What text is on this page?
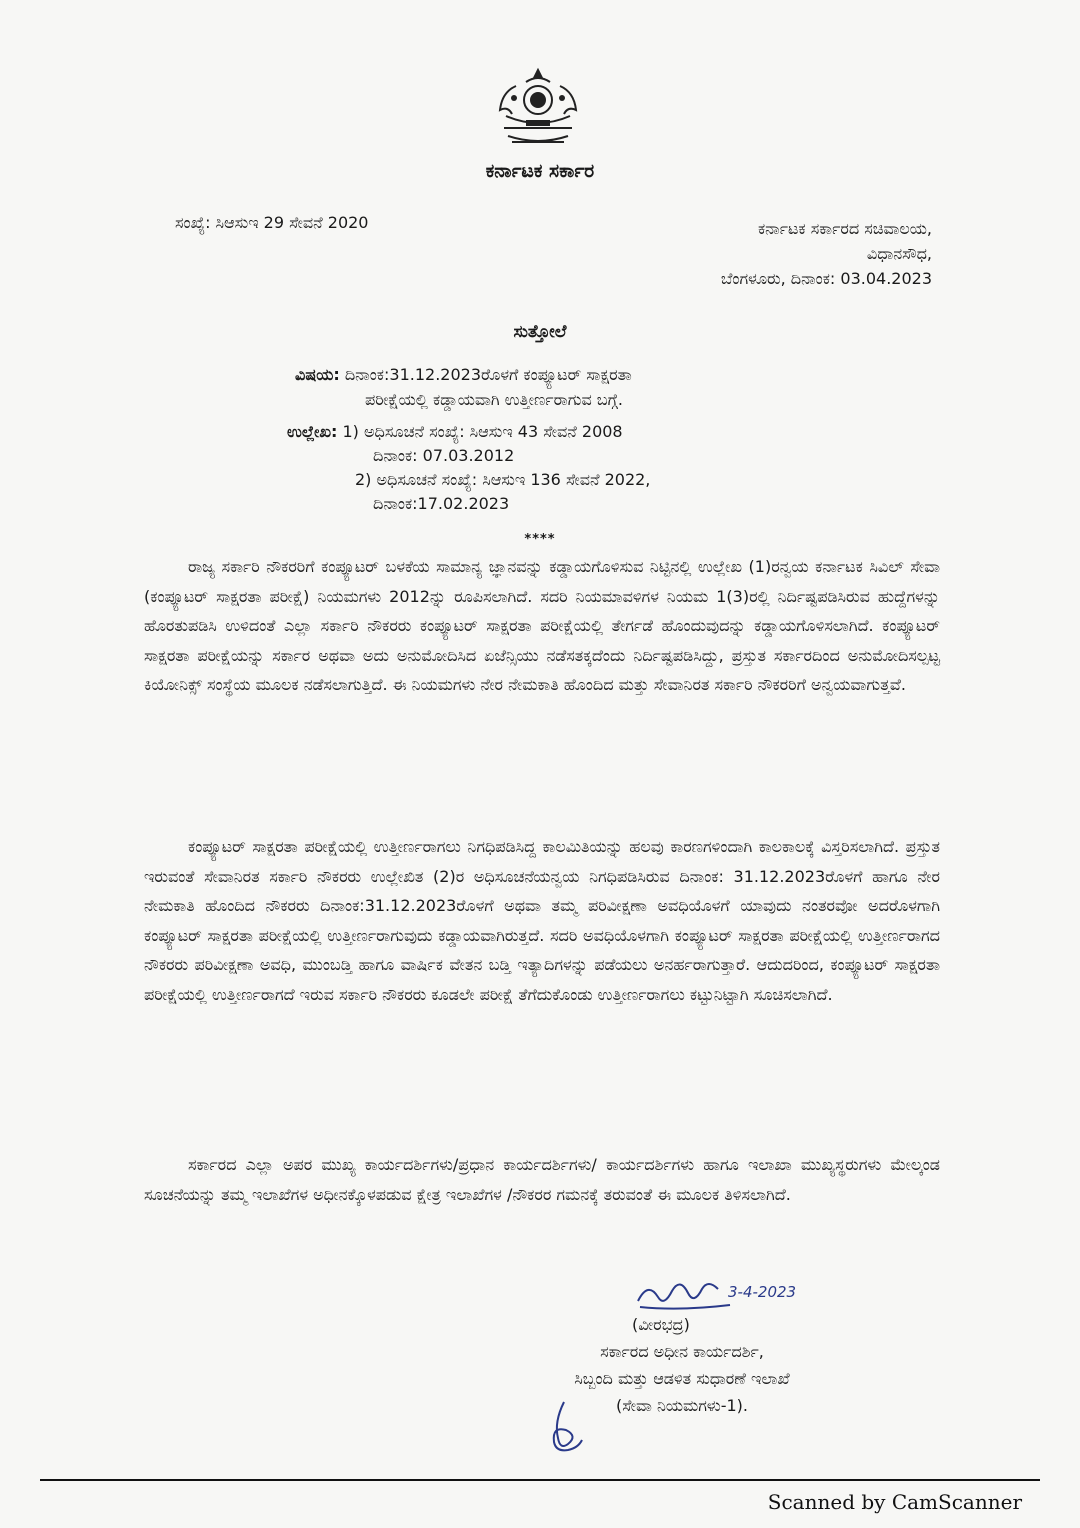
ಕರ್ನಾಟಕ ಸರ್ಕಾರ
ಸಂಖ್ಯೆ: ಸಿಆಸುಇ 29 ಸೇವನೆ 2020	ಕರ್ನಾಟಕ ಸರ್ಕಾರದ ಸಚಿವಾಲಯ,
ವಿಧಾನಸೌಧ,
ಬೆಂಗಳೂರು, ದಿನಾಂಕ: 03.04.2023
ಸುತ್ತೋಲೆ
ವಿಷಯ: ದಿನಾಂಕ:31.12.2023ರೊಳಗೆ ಕಂಪ್ಯೂಟರ್ ಸಾಕ್ಷರತಾ
ಪರೀಕ್ಷೆಯಲ್ಲಿ ಕಡ್ಡಾಯವಾಗಿ ಉತ್ತೀರ್ಣರಾಗುವ ಬಗ್ಗೆ.
ಉಲ್ಲೇಖ: 1) ಅಧಿಸೂಚನೆ ಸಂಖ್ಯೆ: ಸಿಆಸುಇ 43 ಸೇವನೆ 2008
ದಿನಾಂಕ: 07.03.2012
2) ಅಧಿಸೂಚನೆ ಸಂಖ್ಯೆ: ಸಿಆಸುಇ 136 ಸೇವನೆ 2022,
ದಿನಾಂಕ:17.02.2023
****
ರಾಜ್ಯ ಸರ್ಕಾರಿ ನೌಕರರಿಗೆ ಕಂಪ್ಯೂಟರ್ ಬಳಕೆಯ ಸಾಮಾನ್ಯ ಜ್ಞಾನವನ್ನು ಕಡ್ಡಾಯಗೊಳಿಸುವ ನಿಟ್ಟಿನಲ್ಲಿ ಉಲ್ಲೇಖ (1)ರನ್ವಯ ಕರ್ನಾಟಕ ಸಿವಿಲ್ ಸೇವಾ (ಕಂಪ್ಯೂಟರ್ ಸಾಕ್ಷರತಾ ಪರೀಕ್ಷೆ) ನಿಯಮಗಳು 2012ನ್ನು ರೂಪಿಸಲಾಗಿದೆ. ಸದರಿ ನಿಯಮಾವಳಿಗಳ ನಿಯಮ 1(3)ರಲ್ಲಿ ನಿರ್ದಿಷ್ಟಪಡಿಸಿರುವ ಹುದ್ದೆಗಳನ್ನು ಹೊರತುಪಡಿಸಿ ಉಳಿದಂತೆ ಎಲ್ಲಾ ಸರ್ಕಾರಿ ನೌಕರರು ಕಂಪ್ಯೂಟರ್ ಸಾಕ್ಷರತಾ ಪರೀಕ್ಷೆಯಲ್ಲಿ ತೇರ್ಗಡೆ ಹೊಂದುವುದನ್ನು ಕಡ್ಡಾಯಗೊಳಿಸಲಾಗಿದೆ. ಕಂಪ್ಯೂಟರ್ ಸಾಕ್ಷರತಾ ಪರೀಕ್ಷೆಯನ್ನು ಸರ್ಕಾರ ಅಥವಾ ಅದು ಅನುಮೋದಿಸಿದ ಏಜೆನ್ಸಿಯು ನಡೆಸತಕ್ಕದೆಂದು ನಿರ್ದಿಷ್ಟಪಡಿಸಿದ್ದು, ಪ್ರಸ್ತುತ ಸರ್ಕಾರದಿಂದ ಅನುಮೋದಿಸಲ್ಪಟ್ಟ ಕಿಯೋನಿಕ್ಸ್ ಸಂಸ್ಥೆಯ ಮೂಲಕ ನಡೆಸಲಾಗುತ್ತಿದೆ. ಈ ನಿಯಮಗಳು ನೇರ ನೇಮಕಾತಿ ಹೊಂದಿದ ಮತ್ತು ಸೇವಾನಿರತ ಸರ್ಕಾರಿ ನೌಕರರಿಗೆ ಅನ್ವಯವಾಗುತ್ತವೆ.
ಕಂಪ್ಯೂಟರ್ ಸಾಕ್ಷರತಾ ಪರೀಕ್ಷೆಯಲ್ಲಿ ಉತ್ತೀರ್ಣರಾಗಲು ನಿಗಧಿಪಡಿಸಿದ್ದ ಕಾಲಮಿತಿಯನ್ನು ಹಲವು ಕಾರಣಗಳಿಂದಾಗಿ ಕಾಲಕಾಲಕ್ಕೆ ವಿಸ್ತರಿಸಲಾಗಿದೆ. ಪ್ರಸ್ತುತ ಇರುವಂತೆ ಸೇವಾನಿರತ ಸರ್ಕಾರಿ ನೌಕರರು ಉಲ್ಲೇಖಿತ (2)ರ ಅಧಿಸೂಚನೆಯನ್ವಯ ನಿಗಧಿಪಡಿಸಿರುವ ದಿನಾಂಕ: 31.12.2023ರೊಳಗೆ ಹಾಗೂ ನೇರ ನೇಮಕಾತಿ ಹೊಂದಿದ ನೌಕರರು ದಿನಾಂಕ:31.12.2023ರೊಳಗೆ ಅಥವಾ ತಮ್ಮ ಪರಿವೀಕ್ಷಣಾ ಅವಧಿಯೊಳಗೆ ಯಾವುದು ನಂತರವೋ ಅದರೊಳಗಾಗಿ ಕಂಪ್ಯೂಟರ್ ಸಾಕ್ಷರತಾ ಪರೀಕ್ಷೆಯಲ್ಲಿ ಉತ್ತೀರ್ಣರಾಗುವುದು ಕಡ್ಡಾಯವಾಗಿರುತ್ತದೆ. ಸದರಿ ಅವಧಿಯೊಳಗಾಗಿ ಕಂಪ್ಯೂಟರ್ ಸಾಕ್ಷರತಾ ಪರೀಕ್ಷೆಯಲ್ಲಿ ಉತ್ತೀರ್ಣರಾಗದ ನೌಕರರು ಪರಿವೀಕ್ಷಣಾ ಅವಧಿ, ಮುಂಬಡ್ತಿ ಹಾಗೂ ವಾರ್ಷಿಕ ವೇತನ ಬಡ್ತಿ ಇತ್ಯಾದಿಗಳನ್ನು ಪಡೆಯಲು ಅನರ್ಹರಾಗುತ್ತಾರೆ. ಆದುದರಿಂದ, ಕಂಪ್ಯೂಟರ್ ಸಾಕ್ಷರತಾ ಪರೀಕ್ಷೆಯಲ್ಲಿ ಉತ್ತೀರ್ಣರಾಗದೆ ಇರುವ ಸರ್ಕಾರಿ ನೌಕರರು ಕೂಡಲೇ ಪರೀಕ್ಷೆ ತೆಗೆದುಕೊಂಡು ಉತ್ತೀರ್ಣರಾಗಲು ಕಟ್ಟುನಿಟ್ಟಾಗಿ ಸೂಚಿಸಲಾಗಿದೆ.
ಸರ್ಕಾರದ ಎಲ್ಲಾ ಅಪರ ಮುಖ್ಯ ಕಾರ್ಯದರ್ಶಿಗಳು/ಪ್ರಧಾನ ಕಾರ್ಯದರ್ಶಿಗಳು/ ಕಾರ್ಯದರ್ಶಿಗಳು ಹಾಗೂ ಇಲಾಖಾ ಮುಖ್ಯಸ್ಥರುಗಳು ಮೇಲ್ಕಂಡ ಸೂಚನೆಯನ್ನು ತಮ್ಮ ಇಲಾಖೆಗಳ ಅಧೀನಕ್ಕೊಳಪಡುವ ಕ್ಷೇತ್ರ ಇಲಾಖೆಗಳ /ನೌಕರರ ಗಮನಕ್ಕೆ ತರುವಂತೆ ಈ ಮೂಲಕ ತಿಳಿಸಲಾಗಿದೆ.
3-4-2023
(ವೀರಭದ್ರ)
ಸರ್ಕಾರದ ಅಧೀನ ಕಾರ್ಯದರ್ಶಿ,
ಸಿಬ್ಬಂದಿ ಮತ್ತು ಆಡಳಿತ ಸುಧಾರಣೆ ಇಲಾಖೆ
(ಸೇವಾ ನಿಯಮಗಳು-1).
Scanned by CamScanner
